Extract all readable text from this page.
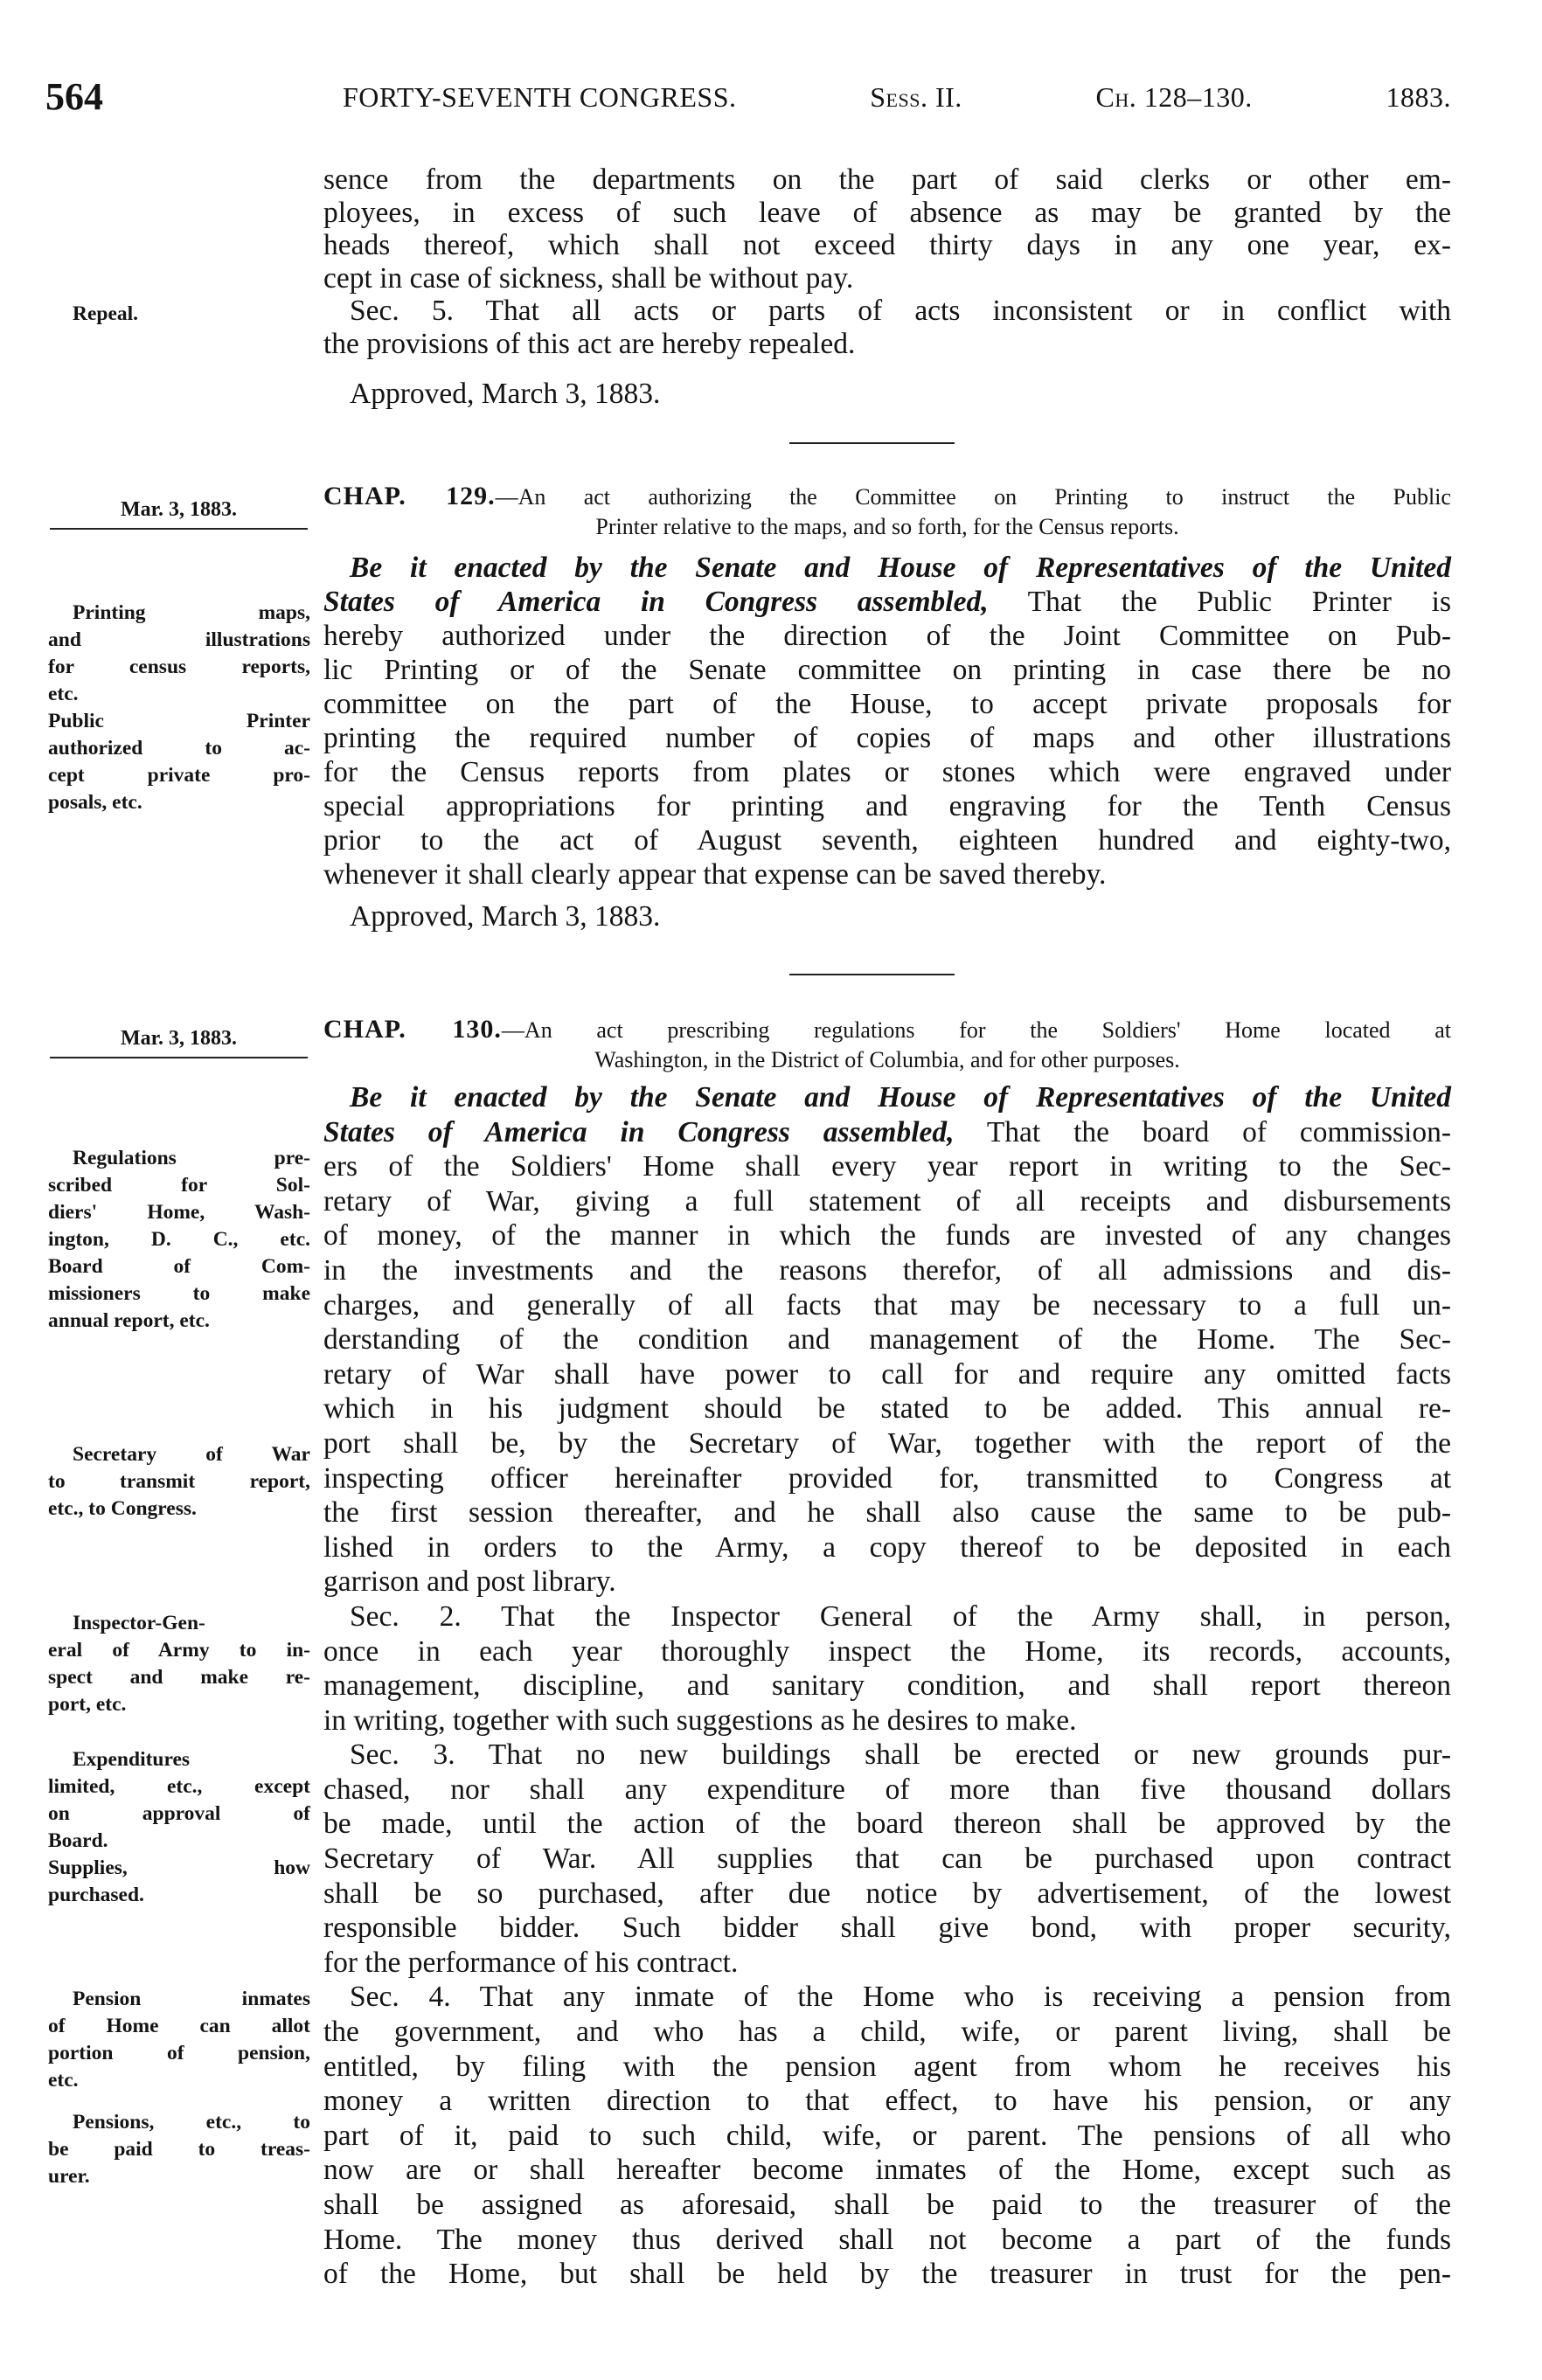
564	FORTY-SEVENTH CONGRESS.	Sess. II.	Ch. 128–130.	1883.
sence from the departments on the part of said clerks or other em-
ployees, in excess of such leave of absence as may be granted by the
heads thereof, which shall not exceed thirty days in any one year, ex-
cept in case of sickness, shall be without pay.
Sec. 5. That all acts or parts of acts inconsistent or in conflict with
the provisions of this act are hereby repealed.
Repeal.
Approved, March 3, 1883.
Mar. 3, 1883.	CHAP. 129.—An act authorizing the Committee on Printing to instruct the Public
Printer relative to the maps, and so forth, for the Census reports.
Be it enacted by the Senate and House of Representatives of the United
States of America in Congress assembled, That the Public Printer is
hereby authorized under the direction of the Joint Committee on Pub-
lic Printing or of the Senate committee on printing in case there be no
committee on the part of the House, to accept private proposals for
printing the required number of copies of maps and other illustrations
for the Census reports from plates or stones which were engraved under
special appropriations for printing and engraving for the Tenth Census
prior to the act of August seventh, eighteen hundred and eighty-two,
whenever it shall clearly appear that expense can be saved thereby.
Printing maps,
and illustrations
for census reports,
etc.
Public Printer
authorized to ac-
cept private pro-
posals, etc.
Approved, March 3, 1883.
Mar. 3, 1883.	CHAP. 130.—An act prescribing regulations for the Soldiers' Home located at
Washington, in the District of Columbia, and for other purposes.
Be it enacted by the Senate and House of Representatives of the United
States of America in Congress assembled, That the board of commission-
ers of the Soldiers' Home shall every year report in writing to the Sec-
retary of War, giving a full statement of all receipts and disbursements
of money, of the manner in which the funds are invested of any changes
in the investments and the reasons therefor, of all admissions and dis-
charges, and generally of all facts that may be necessary to a full un-
derstanding of the condition and management of the Home. The Sec-
retary of War shall have power to call for and require any omitted facts
which in his judgment should be stated to be added. This annual re-
port shall be, by the Secretary of War, together with the report of the
inspecting officer hereinafter provided for, transmitted to Congress at
the first session thereafter, and he shall also cause the same to be pub-
lished in orders to the Army, a copy thereof to be deposited in each
garrison and post library.
Sec. 2. That the Inspector General of the Army shall, in person,
once in each year thoroughly inspect the Home, its records, accounts,
management, discipline, and sanitary condition, and shall report thereon
in writing, together with such suggestions as he desires to make.
Sec. 3. That no new buildings shall be erected or new grounds pur-
chased, nor shall any expenditure of more than five thousand dollars
be made, until the action of the board thereon shall be approved by the
Secretary of War. All supplies that can be purchased upon contract
shall be so purchased, after due notice by advertisement, of the lowest
responsible bidder. Such bidder shall give bond, with proper security,
for the performance of his contract.
Sec. 4. That any inmate of the Home who is receiving a pension from
the government, and who has a child, wife, or parent living, shall be
entitled, by filing with the pension agent from whom he receives his
money a written direction to that effect, to have his pension, or any
part of it, paid to such child, wife, or parent. The pensions of all who
now are or shall hereafter become inmates of the Home, except such as
shall be assigned as aforesaid, shall be paid to the treasurer of the
Home. The money thus derived shall not become a part of the funds
of the Home, but shall be held by the treasurer in trust for the pen-
Regulations pre-
scribed for Sol-
diers' Home, Wash-
ington, D. C., etc.
Board of Com-
missioners to make
annual report, etc.
Secretary of War
to transmit report,
etc., to Congress.
Inspector-Gen-
eral of Army to in-
spect and make re-
port, etc.
Expenditures
limited, etc., except
on approval of
Board.
Supplies, how
purchased.
Pension inmates
of Home can allot
portion of pension,
etc.
Pensions, etc., to
be paid to treas-
urer.
